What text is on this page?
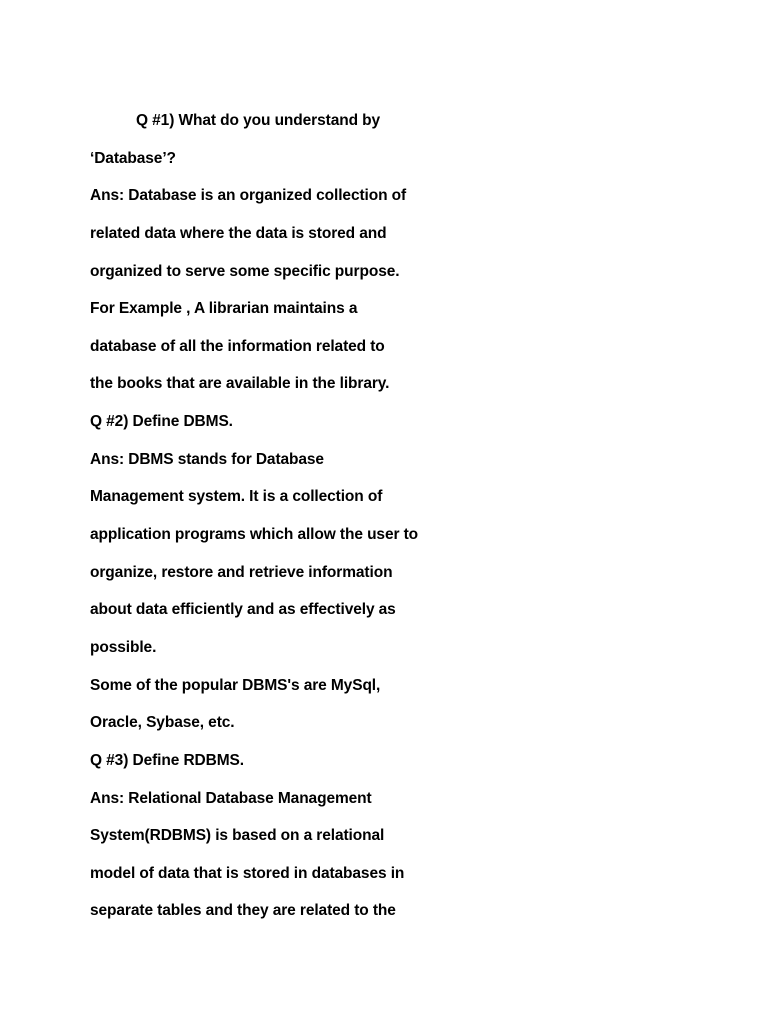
Q #1) What do you understand by
‘Database’?
Ans: Database is an organized collection of
related data where the data is stored and
organized to serve some specific purpose.
For Example , A librarian maintains a
database of all the information related to
the books that are available in the library.
Q #2) Define DBMS.
Ans: DBMS stands for Database
Management system. It is a collection of
application programs which allow the user to
organize, restore and retrieve information
about data efficiently and as effectively as
possible.
Some of the popular DBMS's are MySql,
Oracle, Sybase, etc.
Q #3) Define RDBMS.
Ans: Relational Database Management
System(RDBMS) is based on a relational
model of data that is stored in databases in
separate tables and they are related to the
